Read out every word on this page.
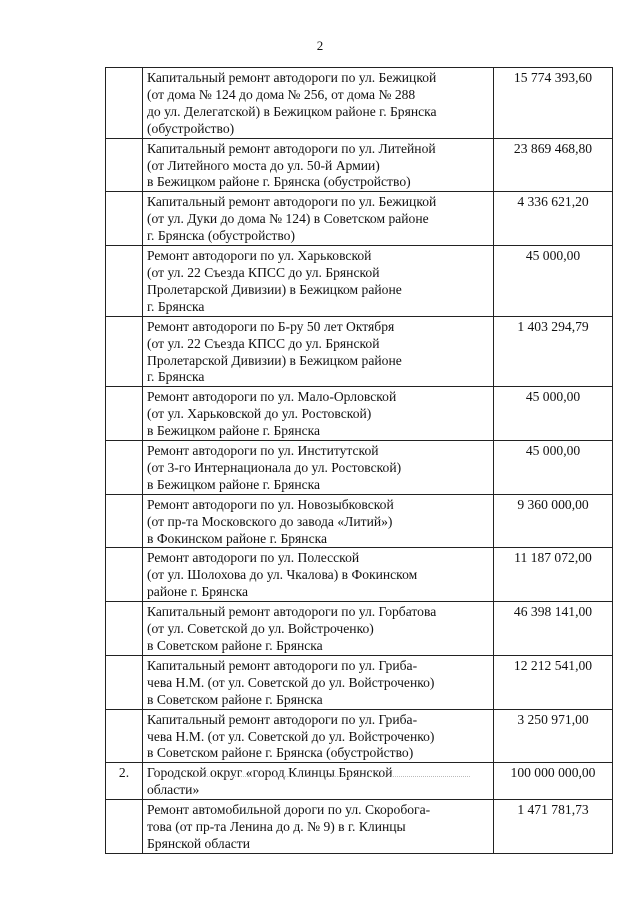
2

	Капитальный ремонт автодороги по ул. Бежицкой
(от дома № 124 до дома № 256, от дома № 288
до ул. Делегатской) в Бежицком районе г. Брянска
(обустройство)	15 774 393,60

	Капитальный ремонт автодороги по ул. Литейной
(от Литейного моста до ул. 50-й Армии)
в Бежицком районе г. Брянска (обустройство)	23 869 468,80

	Капитальный ремонт автодороги по ул. Бежицкой
(от ул. Дуки до дома № 124) в Советском районе
г. Брянска (обустройство)	4 336 621,20

	Ремонт автодороги по ул. Харьковской
(от ул. 22 Съезда КПСС до ул. Брянской
Пролетарской Дивизии) в Бежицком районе
г. Брянска	45 000,00

	Ремонт автодороги по Б-ру 50 лет Октября
(от ул. 22 Съезда КПСС до ул. Брянской
Пролетарской Дивизии) в Бежицком районе
г. Брянска	1 403 294,79

	Ремонт автодороги по ул. Мало-Орловской
(от ул. Харьковской до ул. Ростовской)
в Бежицком районе г. Брянска	45 000,00

	Ремонт автодороги по ул. Институтской
(от 3-го Интернационала до ул. Ростовской)
в Бежицком районе г. Брянска	45 000,00

	Ремонт автодороги по ул. Новозыбковской
(от пр-та Московского до завода «Литий»)
в Фокинском районе г. Брянска	9 360 000,00

	Ремонт автодороги по ул. Полесской
(от ул. Шолохова до ул. Чкалова) в Фокинском
районе г. Брянска	11 187 072,00

	Капитальный ремонт автодороги по ул. Горбатова
(от ул. Советской до ул. Войстроченко)
в Советском районе г. Брянска	46 398 141,00

	Капитальный ремонт автодороги по ул. Гриба-
чева Н.М. (от ул. Советской до ул. Войстроченко)
в Советском районе г. Брянска	12 212 541,00

	Капитальный ремонт автодороги по ул. Гриба-
чева Н.М. (от ул. Советской до ул. Войстроченко)
в Советском районе г. Брянска (обустройство)	3 250 971,00
2.	Городской округ «город Клинцы Брянской
области»	100 000 000,00

	Ремонт автомобильной дороги по ул. Скоробога-
това (от пр-та Ленина до д. № 9) в г. Клинцы
Брянской области	1 471 781,73
